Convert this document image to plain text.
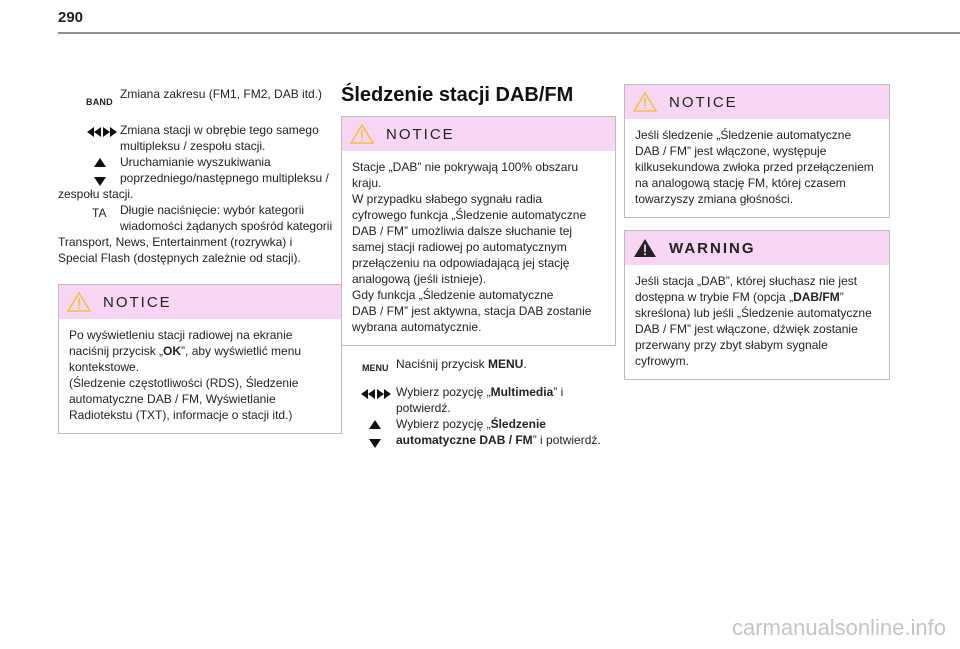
290
BAND
Zmiana zakresu (FM1, FM2, DAB itd.)
Zmiana stacji w obrębie tego samego multipleksu / zespołu stacji.
Uruchamianie wyszukiwania
poprzedniego/następnego multipleksu /
zespołu stacji.
TA	Długie naciśnięcie: wybór kategorii
wiadomości żądanych spośród kategorii
Transport, News, Entertainment (rozrywka) i
Special Flash (dostępnych zależnie od stacji).
NOTICE
Po wyświetleniu stacji radiowej na ekranie
naciśnij przycisk „OK”, aby wyświetlić menu
kontekstowe.
(Śledzenie częstotliwości (RDS), Śledzenie
automatyczne DAB / FM, Wyświetlanie
Radiotekstu (TXT), informacje o stacji itd.)
Śledzenie stacji DAB/FM
NOTICE
Stacje „DAB” nie pokrywają 100% obszaru
kraju.
W przypadku słabego sygnału radia
cyfrowego funkcja „Śledzenie automatyczne
DAB / FM” umożliwia dalsze słuchanie tej
samej stacji radiowej po automatycznym
przełączeniu na odpowiadającą jej stację
analogową (jeśli istnieje).
Gdy funkcja „Śledzenie automatyczne
DAB / FM” jest aktywna, stacja DAB zostanie
wybrana automatycznie.
MENU Naciśnij przycisk MENU.
Wybierz pozycję „Multimedia” i
potwierdź.
Wybierz pozycję „Śledzenie
automatyczne DAB / FM” i potwierdź.
NOTICE
Jeśli śledzenie „Śledzenie automatyczne
DAB / FM” jest włączone, występuje
kilkusekundowa zwłoka przed przełączeniem
na analogową stację FM, której czasem
towarzyszy zmiana głośności.
WARNING
Jeśli stacja „DAB”, której słuchasz nie jest
dostępna w trybie FM (opcja „DAB/FM”
skreślona) lub jeśli „Śledzenie automatyczne
DAB / FM” jest włączone, dźwięk zostanie
przerwany przy zbyt słabym sygnale
cyfrowym.
carmanualsonline.info
